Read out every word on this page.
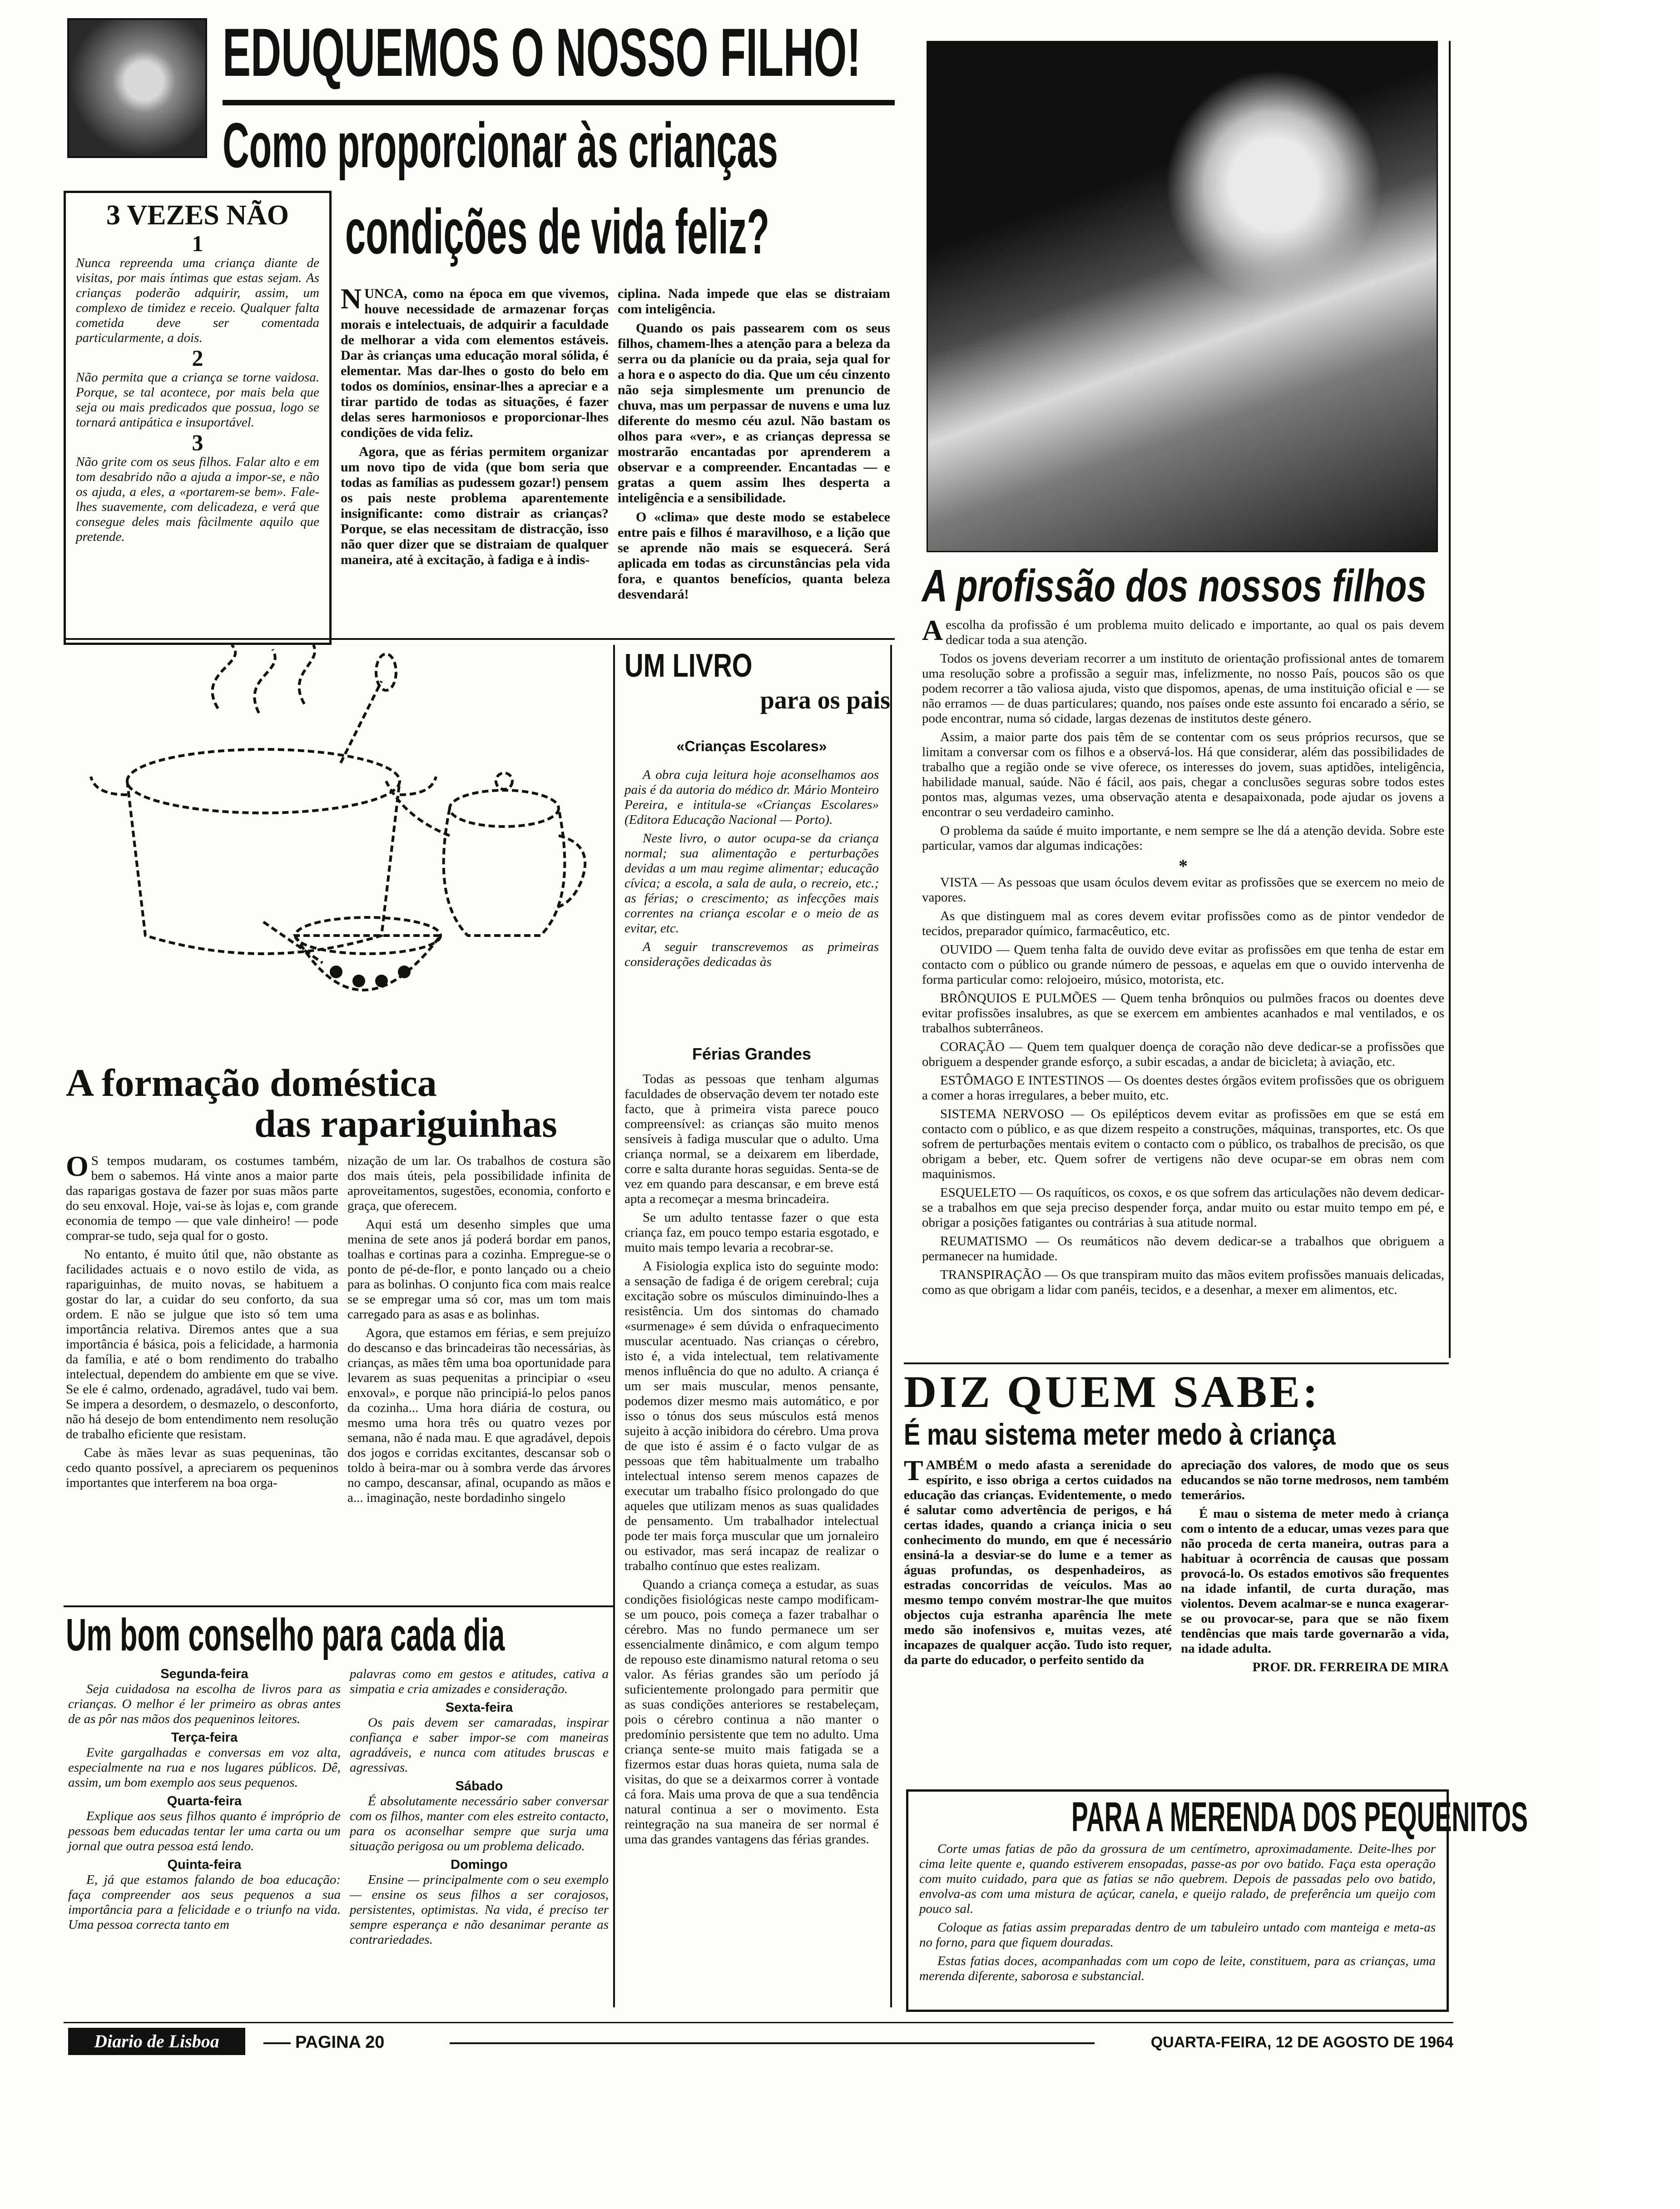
EDUQUEMOS O NOSSO FILHO!
Como proporcionar às crianças
condições de vida feliz?
3 VEZES NÃO
1
Nunca repreenda uma criança diante de visitas, por mais íntimas que estas sejam. As crianças poderão adquirir, assim, um complexo de timidez e receio. Qualquer falta cometida deve ser comentada particularmente, a dois.
2
Não permita que a criança se torne vaidosa. Porque, se tal acontece, por mais bela que seja ou mais predicados que possua, logo se tornará antipática e insuportável.
3
Não grite com os seus filhos. Falar alto e em tom desabrido não a ajuda a impor-se, e não os ajuda, a eles, a «portarem-se bem». Fale-lhes suavemente, com delicadeza, e verá que consegue deles mais fàcilmente aquilo que pretende.

NUNCA, como na época em que vivemos, houve necessidade de armazenar forças morais e intelectuais, de adquirir a faculdade de melhorar a vida com elementos estáveis. Dar às crianças uma educação moral sólida, é elementar. Mas dar-lhes o gosto do belo em todos os domínios, ensinar-lhes a apreciar e a tirar partido de todas as situações, é fazer delas seres harmoniosos e proporcionar-lhes condições de vida feliz.

Agora, que as férias permitem organizar um novo tipo de vida (que bom seria que todas as famílias as pudessem gozar!) pensem os pais neste problema aparentemente insignificante: como distrair as crianças? Porque, se elas necessitam de distracção, isso não quer dizer que se distraiam de qualquer maneira, até à excitação, à fadiga e à indis-

ciplina. Nada impede que elas se distraiam com inteligência.

Quando os pais passearem com os seus filhos, chamem-lhes a atenção para a beleza da serra ou da planície ou da praia, seja qual for a hora e o aspecto do dia. Que um céu cinzento não seja simplesmente um prenuncio de chuva, mas um perpassar de nuvens e uma luz diferente do mesmo céu azul. Não bastam os olhos para «ver», e as crianças depressa se mostrarão encantadas por aprenderem a observar e a compreender. Encantadas — e gratas a quem assim lhes desperta a inteligência e a sensibilidade.

O «clima» que deste modo se estabelece entre pais e filhos é maravilhoso, e a lição que se aprende não mais se esquecerá. Será aplicada em todas as circunstâncias pela vida fora, e quantos benefícios, quanta beleza desvendará!	A profissão dos nossos filhos

Aescolha da profissão é um problema muito delicado e importante, ao qual os pais devem dedicar toda a sua atenção.

Todos os jovens deveriam recorrer a um instituto de orientação profissional antes de tomarem uma resolução sobre a profissão a seguir mas, infelizmente, no nosso País, poucos são os que podem recorrer a tão valiosa ajuda, visto que dispomos, apenas, de uma instituição oficial e — se não erramos — de duas particulares; quando, nos países onde este assunto foi encarado a sério, se pode encontrar, numa só cidade, largas dezenas de institutos deste género.

Assim, a maior parte dos pais têm de se contentar com os seus próprios recursos, que se limitam a conversar com os filhos e a observá-los. Há que considerar, além das possibilidades de trabalho que a região onde se vive oferece, os interesses do jovem, suas aptidões, inteligência, habilidade manual, saúde. Não é fácil, aos pais, chegar a conclusões seguras sobre todos estes pontos mas, algumas vezes, uma observação atenta e desapaixonada, pode ajudar os jovens a encontrar o seu verdadeiro caminho.

O problema da saúde é muito importante, e nem sempre se lhe dá a atenção devida. Sobre este particular, vamos dar algumas indicações:

*

VISTA — As pessoas que usam óculos devem evitar as profissões que se exercem no meio de vapores.

As que distinguem mal as cores devem evitar profissões como as de pintor vendedor de tecidos, preparador químico, farmacêutico, etc.

OUVIDO — Quem tenha falta de ouvido deve evitar as profissões em que tenha de estar em contacto com o público ou grande número de pessoas, e aquelas em que o ouvido intervenha de forma particular como: relojoeiro, músico, motorista, etc.

BRÔNQUIOS E PULMÕES — Quem tenha brônquios ou pulmões fracos ou doentes deve evitar profissões insalubres, as que se exercem em ambientes acanhados e mal ventilados, e os trabalhos subterrâneos.

CORAÇÃO — Quem tem qualquer doença de coração não deve dedicar-se a profissões que obriguem a despender grande esforço, a subir escadas, a andar de bicicleta; à aviação, etc.

ESTÔMAGO E INTESTINOS — Os doentes destes órgãos evitem profissões que os obriguem a comer a horas irregulares, a beber muito, etc.

SISTEMA NERVOSO — Os epilépticos devem evitar as profissões em que se está em contacto com o público, e as que dizem respeito a construções, máquinas, transportes, etc. Os que sofrem de perturbações mentais evitem o contacto com o público, os trabalhos de precisão, os que obrigam a beber, etc. Quem sofrer de vertigens não deve ocupar-se em obras nem com maquinismos.

ESQUELETO — Os raquíticos, os coxos, e os que sofrem das articulações não devem dedicar-se a trabalhos em que seja preciso despender força, andar muito ou estar muito tempo em pé, e obrigar a posições fatigantes ou contrárias à sua atitude normal.

REUMATISMO — Os reumáticos não devem dedicar-se a trabalhos que obriguem a permanecer na humidade.

TRANSPIRAÇÃO — Os que transpiram muito das mãos evitem profissões manuais delicadas, como as que obrigam a lidar com panéis, tecidos, e a desenhar, a mexer em alimentos, etc.

A formação doméstica
das rapariguinhas

OS tempos mudaram, os costumes também, bem o sabemos. Há vinte anos a maior parte das raparigas gostava de fazer por suas mãos parte do seu enxoval. Hoje, vai-se às lojas e, com grande economia de tempo — que vale dinheiro! — pode comprar-se tudo, seja qual for o gosto.

No entanto, é muito útil que, não obstante as facilidades actuais e o novo estilo de vida, as rapariguinhas, de muito novas, se habituem a gostar do lar, a cuidar do seu conforto, da sua ordem. E não se julgue que isto só tem uma importância relativa. Diremos antes que a sua importância é básica, pois a felicidade, a harmonia da família, e até o bom rendimento do trabalho intelectual, dependem do ambiente em que se vive. Se ele é calmo, ordenado, agradável, tudo vai bem. Se impera a desordem, o desmazelo, o desconforto, não há desejo de bom entendimento nem resolução de trabalho eficiente que resistam.

Cabe às mães levar as suas pequeninas, tão cedo quanto possível, a apreciarem os pequeninos importantes que interferem na boa orga-

nização de um lar. Os trabalhos de costura são dos mais úteis, pela possibilidade infinita de aproveitamentos, sugestões, economia, conforto e graça, que oferecem.

Aqui está um desenho simples que uma menina de sete anos já poderá bordar em panos, toalhas e cortinas para a cozinha. Empregue-se o ponto de pé-de-flor, e ponto lançado ou a cheio para as bolinhas. O conjunto fica com mais realce se se empregar uma só cor, mas um tom mais carregado para as asas e as bolinhas.

Agora, que estamos em férias, e sem prejuízo do descanso e das brincadeiras tão necessárias, às crianças, as mães têm uma boa oportunidade para levarem as suas pequenitas a principiar o «seu enxoval», e porque não principiá-lo pelos panos da cozinha... Uma hora diária de costura, ou mesmo uma hora três ou quatro vezes por semana, não é nada mau. E que agradável, depois dos jogos e corridas excitantes, descansar sob o toldo à beira-mar ou à sombra verde das árvores no campo, descansar, afinal, ocupando as mãos e a... imaginação, neste bordadinho singelo

Um bom conselho para cada dia
Segunda-feira

Seja cuidadosa na escolha de livros para as crianças. O melhor é ler primeiro as obras antes de as pôr nas mãos dos pequeninos leitores.

Terça-feira

Evite gargalhadas e conversas em voz alta, especialmente na rua e nos lugares públicos. Dê, assim, um bom exemplo aos seus pequenos.

Quarta-feira

Explique aos seus filhos quanto é impróprio de pessoas bem educadas tentar ler uma carta ou um jornal que outra pessoa está lendo.

Quinta-feira

E, já que estamos falando de boa educação: faça compreender aos seus pequenos a sua importância para a felicidade e o triunfo na vida. Uma pessoa correcta tanto em

palavras como em gestos e atitudes, cativa a simpatia e cria amizades e consideração.

Sexta-feira

Os pais devem ser camaradas, inspirar confiança e saber impor-se com maneiras agradáveis, e nunca com atitudes bruscas e agressivas.

Sábado

É absolutamente necessário saber conversar com os filhos, manter com eles estreito contacto, para os aconselhar sempre que surja uma situação perigosa ou um problema delicado.

Domingo

Ensine — principalmente com o seu exemplo — ensine os seus filhos a ser corajosos, persistentes, optimistas. Na vida, é preciso ter sempre esperança e não desanimar perante as contrariedades.

UM LIVRO
para os pais
«Crianças Escolares»

A obra cuja leitura hoje aconselhamos aos pais é da autoria do médico dr. Mário Monteiro Pereira, e intitula-se «Crianças Escolares» (Editora Educação Nacional — Porto).

Neste livro, o autor ocupa-se da criança normal; sua alimentação e perturbações devidas a um mau regime alimentar; educação cívica; a escola, a sala de aula, o recreio, etc.; as férias; o crescimento; as infecções mais correntes na criança escolar e o meio de as evitar, etc.

A seguir transcrevemos as primeiras considerações dedicadas às

Férias Grandes

Todas as pessoas que tenham algumas faculdades de observação devem ter notado este facto, que à primeira vista parece pouco compreensível: as crianças são muito menos sensíveis à fadiga muscular que o adulto. Uma criança normal, se a deixarem em liberdade, corre e salta durante horas seguidas. Senta-se de vez em quando para descansar, e em breve está apta a recomeçar a mesma brincadeira.

Se um adulto tentasse fazer o que esta criança faz, em pouco tempo estaria esgotado, e muito mais tempo levaria a recobrar-se.

A Fisiologia explica isto do seguinte modo: a sensação de fadiga é de origem cerebral; cuja excitação sobre os músculos diminuindo-lhes a resistência. Um dos sintomas do chamado «surmenage» é sem dúvida o enfraquecimento muscular acentuado. Nas crianças o cérebro, isto é, a vida intelectual, tem relativamente menos influência do que no adulto. A criança é um ser mais muscular, menos pensante, podemos dizer mesmo mais automático, e por isso o tónus dos seus músculos está menos sujeito à acção inibidora do cérebro. Uma prova de que isto é assim é o facto vulgar de as pessoas que têm habitualmente um trabalho intelectual intenso serem menos capazes de executar um trabalho físico prolongado do que aqueles que utilizam menos as suas qualidades de pensamento. Um trabalhador intelectual pode ter mais força muscular que um jornaleiro ou estivador, mas será incapaz de realizar o trabalho contínuo que estes realizam.

Quando a criança começa a estudar, as suas condições fisiológicas neste campo modificam-se um pouco, pois começa a fazer trabalhar o cérebro. Mas no fundo permanece um ser essencialmente dinâmico, e com algum tempo de repouso este dinamismo natural retoma o seu valor. As férias grandes são um período já suficientemente prolongado para permitir que as suas condições anteriores se restabeleçam, pois o cérebro continua a não manter o predomínio persistente que tem no adulto. Uma criança sente-se muito mais fatigada se a fizermos estar duas horas quieta, numa sala de visitas, do que se a deixarmos correr à vontade cá fora. Mais uma prova de que a sua tendência natural continua a ser o movimento. Esta reintegração na sua maneira de ser normal é uma das grandes vantagens das férias grandes.

DIZ QUEM SABE:
É mau sistema meter medo à criança

TAMBÉM o medo afasta a serenidade do espírito, e isso obriga a certos cuidados na educação das crianças. Evidentemente, o medo é salutar como advertência de perigos, e há certas idades, quando a criança inicia o seu conhecimento do mundo, em que é necessário ensiná-la a desviar-se do lume e a temer as águas profundas, os despenhadeiros, as estradas concorridas de veículos. Mas ao mesmo tempo convém mostrar-lhe que muitos objectos cuja estranha aparência lhe mete medo são inofensivos e, muitas vezes, até incapazes de qualquer acção. Tudo isto requer, da parte do educador, o perfeito sentido da

apreciação dos valores, de modo que os seus educandos se não torne medrosos, nem também temerários.

É mau o sistema de meter medo à criança com o intento de a educar, umas vezes para que não proceda de certa maneira, outras para a habituar à ocorrência de causas que possam provocá-lo. Os estados emotivos são frequentes na idade infantil, de curta duração, mas violentos. Devem acalmar-se e nunca exagerar-se ou provocar-se, para que se não fixem tendências que mais tarde governarão a vida, na idade adulta.

PROF. DR. FERREIRA DE MIRA
PARA A MERENDA DOS PEQUENITOS

Corte umas fatias de pão da grossura de um centímetro, aproximadamente. Deite-lhes por cima leite quente e, quando estiverem ensopadas, passe-as por ovo batido. Faça esta operação com muito cuidado, para que as fatias se não quebrem. Depois de passadas pelo ovo batido, envolva-as com uma mistura de açúcar, canela, e queijo ralado, de preferência um queijo com pouco sal.

Coloque as fatias assim preparadas dentro de um tabuleiro untado com manteiga e meta-as no forno, para que fiquem douradas.

Estas fatias doces, acompanhadas com um copo de leite, constituem, para as crianças, uma merenda diferente, saborosa e substancial.

Diario de Lisboa	PAGINA 20	QUARTA-FEIRA, 12 DE AGOSTO DE 1964
